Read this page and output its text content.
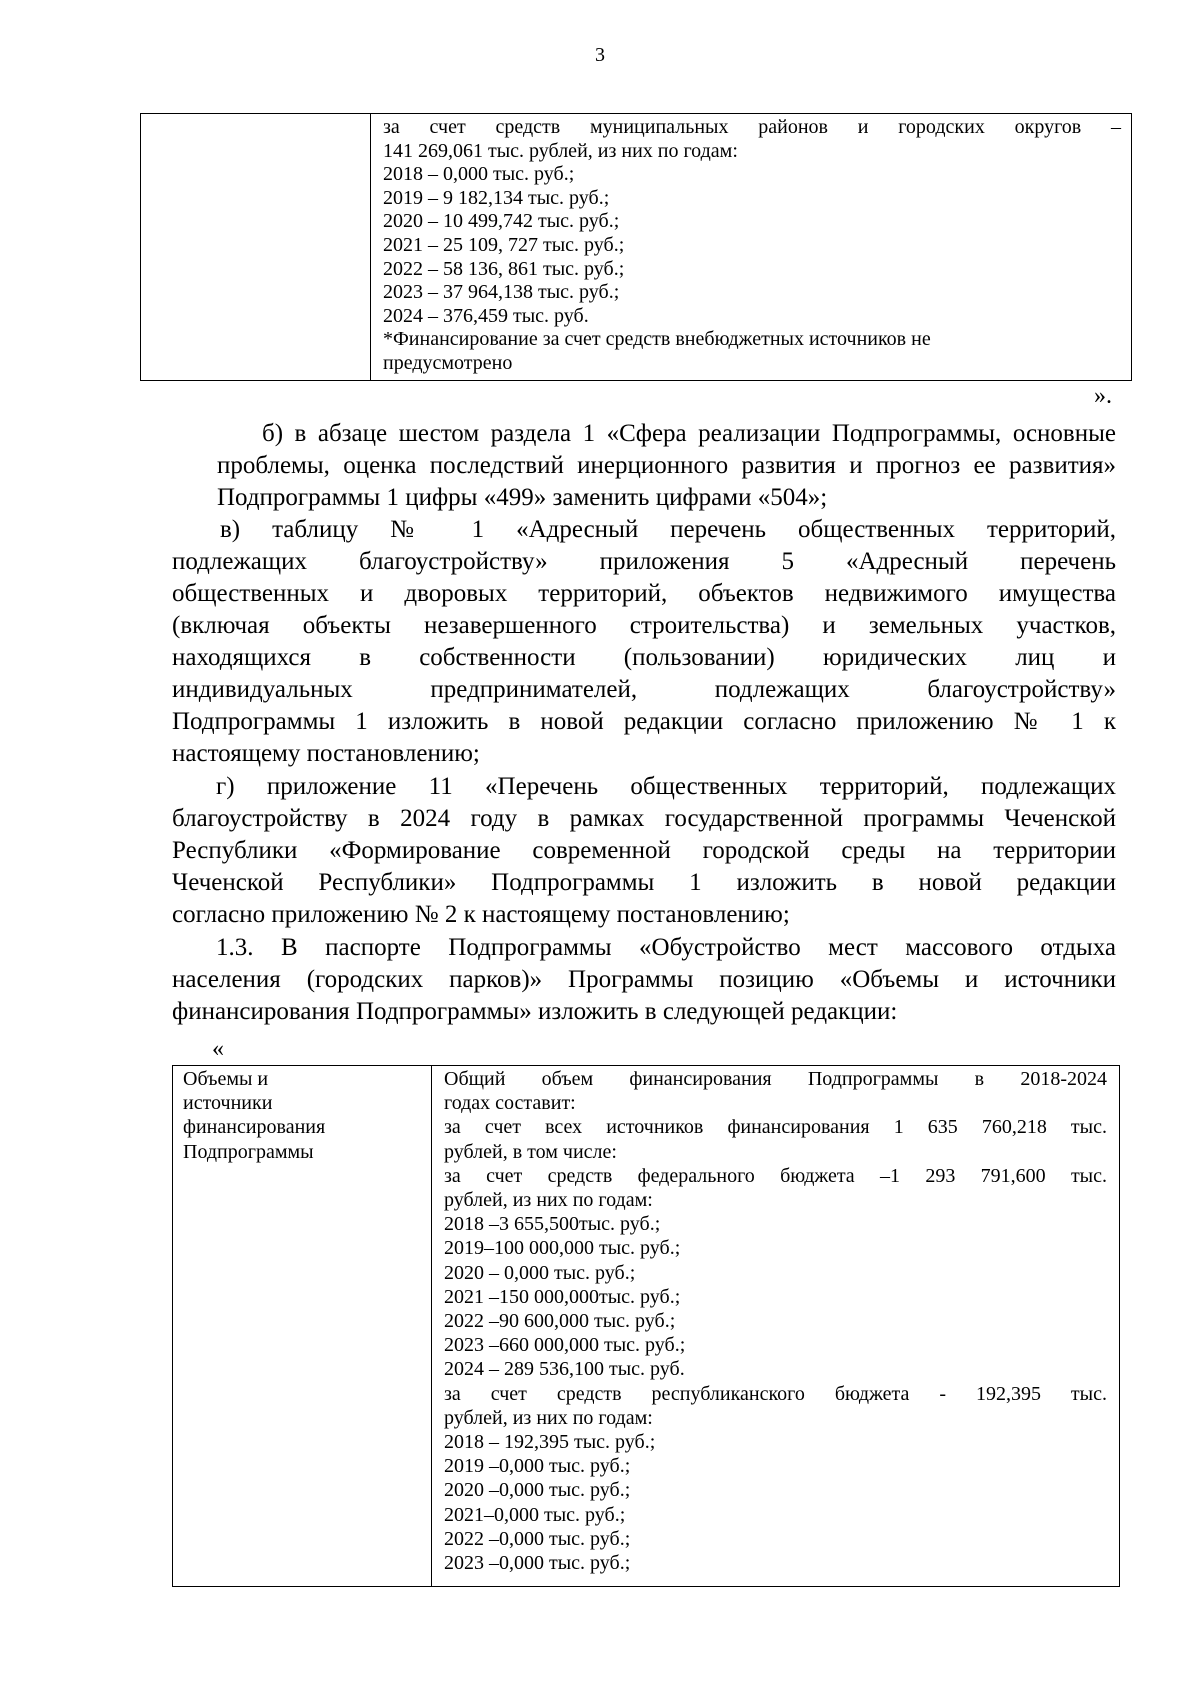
3
за счет средств муниципальных районов и городских округов –
141 269,061 тыс. рублей, из них по годам:
2018 – 0,000 тыс. руб.;
2019 – 9 182,134 тыс. руб.;
2020 – 10 499,742 тыс. руб.;
2021 – 25 109, 727 тыс. руб.;
2022 – 58 136, 861 тыс. руб.;
2023 – 37 964,138 тыс. руб.;
2024 – 376,459 тыс. руб.
*Финансирование за счет средств внебюджетных источников не
предусмотрено
».
б) в абзаце шестом раздела 1 «Сфера реализации Подпрограммы, основные
проблемы, оценка последствий инерционного развития и прогноз ее развития»
Подпрограммы 1 цифры «499» заменить цифрами «504»;
в) таблицу № 1 «Адресный перечень общественных территорий,
подлежащих благоустройству» приложения 5 «Адресный перечень
общественных и дворовых территорий, объектов недвижимого имущества
(включая объекты незавершенного строительства) и земельных участков,
находящихся в собственности (пользовании) юридических лиц и
индивидуальных предпринимателей, подлежащих благоустройству»
Подпрограммы 1 изложить в новой редакции согласно приложению № 1 к
настоящему постановлению;
г) приложение 11 «Перечень общественных территорий, подлежащих
благоустройству в 2024 году в рамках государственной программы Чеченской
Республики «Формирование современной городской среды на территории
Чеченской Республики» Подпрограммы 1 изложить в новой редакции
согласно приложению № 2 к настоящему постановлению;
1.3. В паспорте Подпрограммы «Обустройство мест массового отдыха
населения (городских парков)» Программы позицию «Объемы и источники
финансирования Подпрограммы» изложить в следующей редакции:
«
Объемы и
источники
финансирования
Подпрограммы
Общий объем финансирования Подпрограммы в 2018-2024
годах составит:
за счет всех источников финансирования 1 635 760,218 тыс.
рублей, в том числе:
за счет средств федерального бюджета –1 293 791,600 тыс.
рублей, из них по годам:
2018 –3 655,500тыс. руб.;
2019–100 000,000 тыс. руб.;
2020 – 0,000 тыс. руб.;
2021 –150 000,000тыс. руб.;
2022 –90 600,000 тыс. руб.;
2023 –660 000,000 тыс. руб.;
2024 – 289 536,100 тыс. руб.
за счет средств республиканского бюджета - 192,395 тыс.
рублей, из них по годам:
2018 – 192,395 тыс. руб.;
2019 –0,000 тыс. руб.;
2020 –0,000 тыс. руб.;
2021–0,000 тыс. руб.;
2022 –0,000 тыс. руб.;
2023 –0,000 тыс. руб.;
